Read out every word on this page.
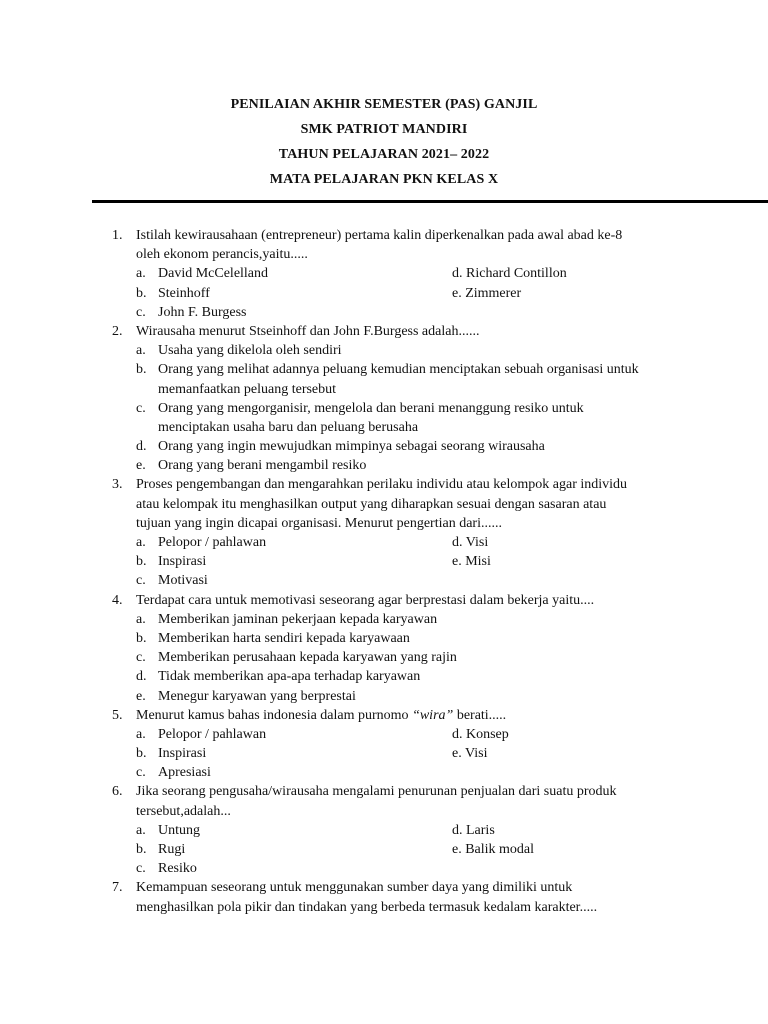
PENILAIAN AKHIR SEMESTER (PAS) GANJIL
SMK PATRIOT MANDIRI
TAHUN PELAJARAN 2021– 2022
MATA PELAJARAN PKN KELAS X
1. Istilah kewirausahaan (entrepreneur) pertama kalin diperkenalkan pada awal abad ke-8
oleh ekonom perancis,yaitu.....
a. David McCelelland	d. Richard Contillon
b. Steinhoff	e. Zimmerer
c. John F. Burgess
2. Wirausaha menurut Stseinhoff dan John F.Burgess adalah......
a. Usaha yang dikelola oleh sendiri
b. Orang yang melihat adannya peluang kemudian menciptakan sebuah organisasi untuk
memanfaatkan peluang tersebut
c. Orang yang mengorganisir, mengelola dan berani menanggung resiko untuk
menciptakan usaha baru dan peluang berusaha
d. Orang yang ingin mewujudkan mimpinya sebagai seorang wirausaha
e. Orang yang berani mengambil resiko
3. Proses pengembangan dan mengarahkan perilaku individu atau kelompok agar individu
atau kelompak itu menghasilkan output yang diharapkan sesuai dengan sasaran atau
tujuan yang ingin dicapai organisasi. Menurut pengertian dari......
a. Pelopor / pahlawan	d. Visi
b. Inspirasi	e. Misi
c. Motivasi
4. Terdapat cara untuk memotivasi seseorang agar berprestasi dalam bekerja yaitu....
a. Memberikan jaminan pekerjaan kepada karyawan
b. Memberikan harta sendiri kepada karyawaan
c. Memberikan perusahaan kepada karyawan yang rajin
d. Tidak memberikan apa-apa terhadap karyawan
e. Menegur karyawan yang berprestai
5. Menurut kamus bahas indonesia dalam purnomo “wira” berati.....
a. Pelopor / pahlawan	d. Konsep
b. Inspirasi	e. Visi
c. Apresiasi
6. Jika seorang pengusaha/wirausaha mengalami penurunan penjualan dari suatu produk
tersebut,adalah...
a. Untung	d. Laris
b. Rugi	e. Balik modal
c. Resiko
7. Kemampuan seseorang untuk menggunakan sumber daya yang dimiliki untuk
menghasilkan pola pikir dan tindakan yang berbeda termasuk kedalam karakter.....
